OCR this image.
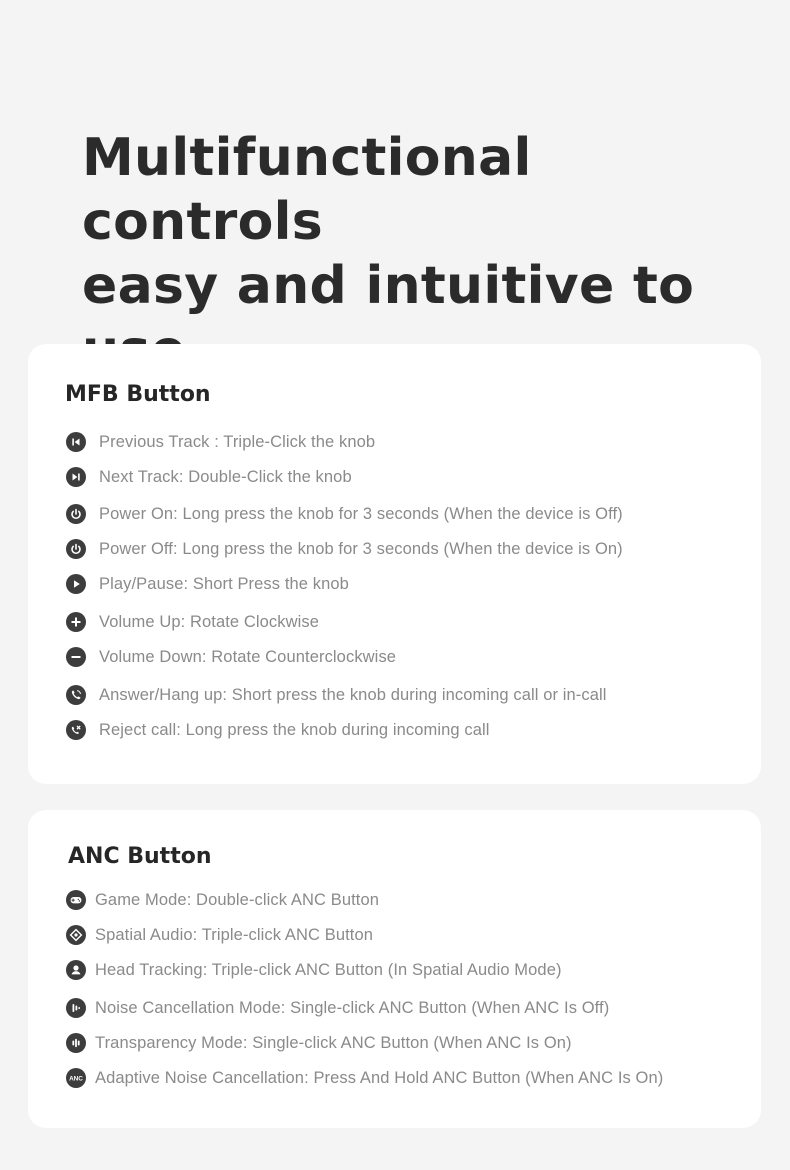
Multifunctional controls
easy and intuitive to
MFB Button
Previous Track : Triple-Click the knob
Next Track: Double-Click the knob
Power On: Long press the knob for 3 seconds (When the device is Off)
Power Off: Long press the knob for 3 seconds (When the device is On)
Play/Pause: Short Press the knob
Volume Up: Rotate Clockwise
Volume Down: Rotate Counterclockwise
Answer/Hang up: Short press the knob during incoming call or in-call
Reject call: Long press the knob during incoming call
ANC Button
Game Mode: Double-click ANC Button
Spatial Audio: Triple-click ANC Button
Head Tracking: Triple-click ANC Button (In Spatial Audio Mode)
Noise Cancellation Mode: Single-click ANC Button (When ANC Is Off)
Transparency Mode: Single-click ANC Button (When ANC Is On)
ANC Adaptive Noise Cancellation: Press And Hold ANC Button (When ANC Is On)
